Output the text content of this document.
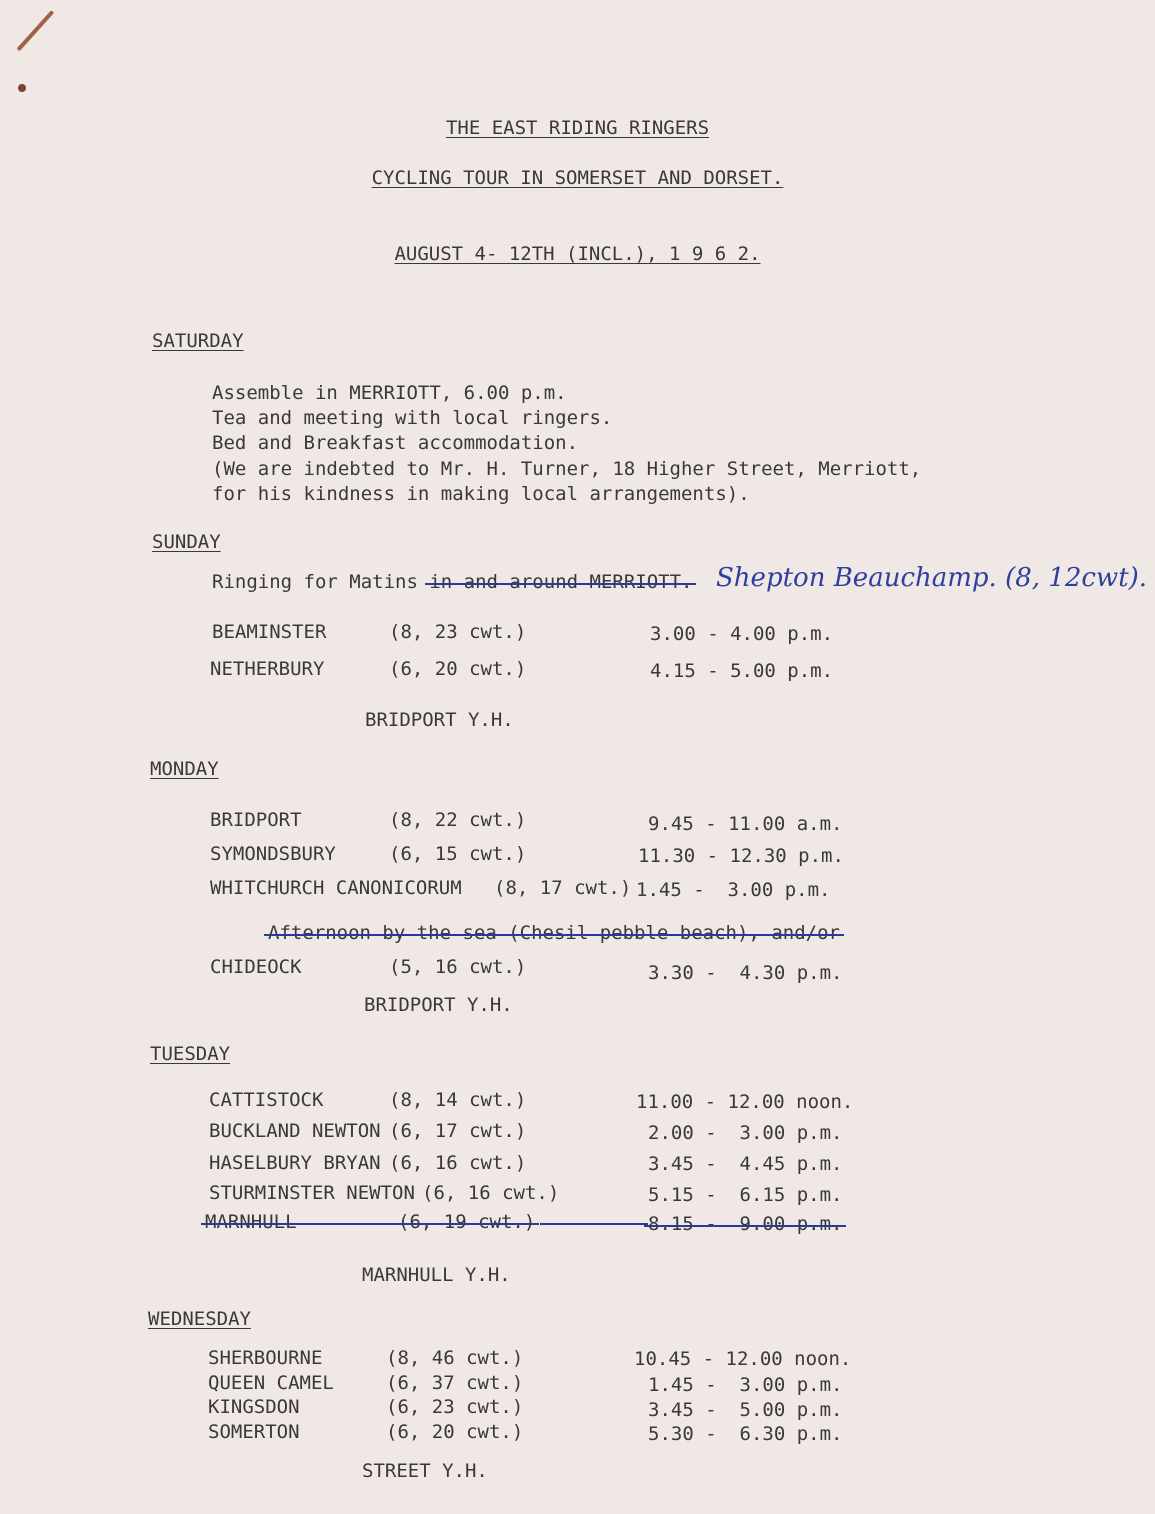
THE EAST RIDING RINGERS
CYCLING TOUR IN SOMERSET AND DORSET.
AUGUST 4- 12TH (INCL.), 1 9 6 2.
SATURDAY
Assemble in MERRIOTT, 6.00 p.m.
Tea and meeting with local ringers.
Bed and Breakfast accommodation.
(We are indebted to Mr. H. Turner, 18 Higher Street, Merriott,
for his kindness in making local arrangements).
SUNDAY
Ringing for Matins in and around MERRIOTT. Shepton Beauchamp. (8, 12cwt).
BEAMINSTER	(8, 23 cwt.)	3.00 - 4.00 p.m.
NETHERBURY	(6, 20 cwt.)	4.15 - 5.00 p.m.
BRIDPORT Y.H.
MONDAY
BRIDPORT	(8, 22 cwt.)	9.45 - 11.00 a.m.
SYMONDSBURY	(6, 15 cwt.)	11.30 - 12.30 p.m.
WHITCHURCH CANONICORUM (8, 17 cwt.) 1.45 -  3.00 p.m.
Afternoon by the sea (Chesil pebble beach), and/or
CHIDEOCK	(5, 16 cwt.)	3.30 -  4.30 p.m.
BRIDPORT Y.H.
TUESDAY
CATTISTOCK	(8, 14 cwt.)	11.00 - 12.00 noon.
BUCKLAND NEWTON (6, 17 cwt.)	2.00 -  3.00 p.m.
HASELBURY BRYAN (6, 16 cwt.)	3.45 -  4.45 p.m.
STURMINSTER NEWTON (6, 16 cwt.)	5.15 -  6.15 p.m.
MARNHULL	(6, 19 cwt.)	8.15 -  9.00 p.m.
MARNHULL Y.H.
WEDNESDAY
SHERBOURNE	(8, 46 cwt.)	10.45 - 12.00 noon.
QUEEN CAMEL	(6, 37 cwt.)	1.45 -  3.00 p.m.
KINGSDON	(6, 23 cwt.)	3.45 -  5.00 p.m.
SOMERTON	(6, 20 cwt.)	5.30 -  6.30 p.m.
STREET Y.H.
